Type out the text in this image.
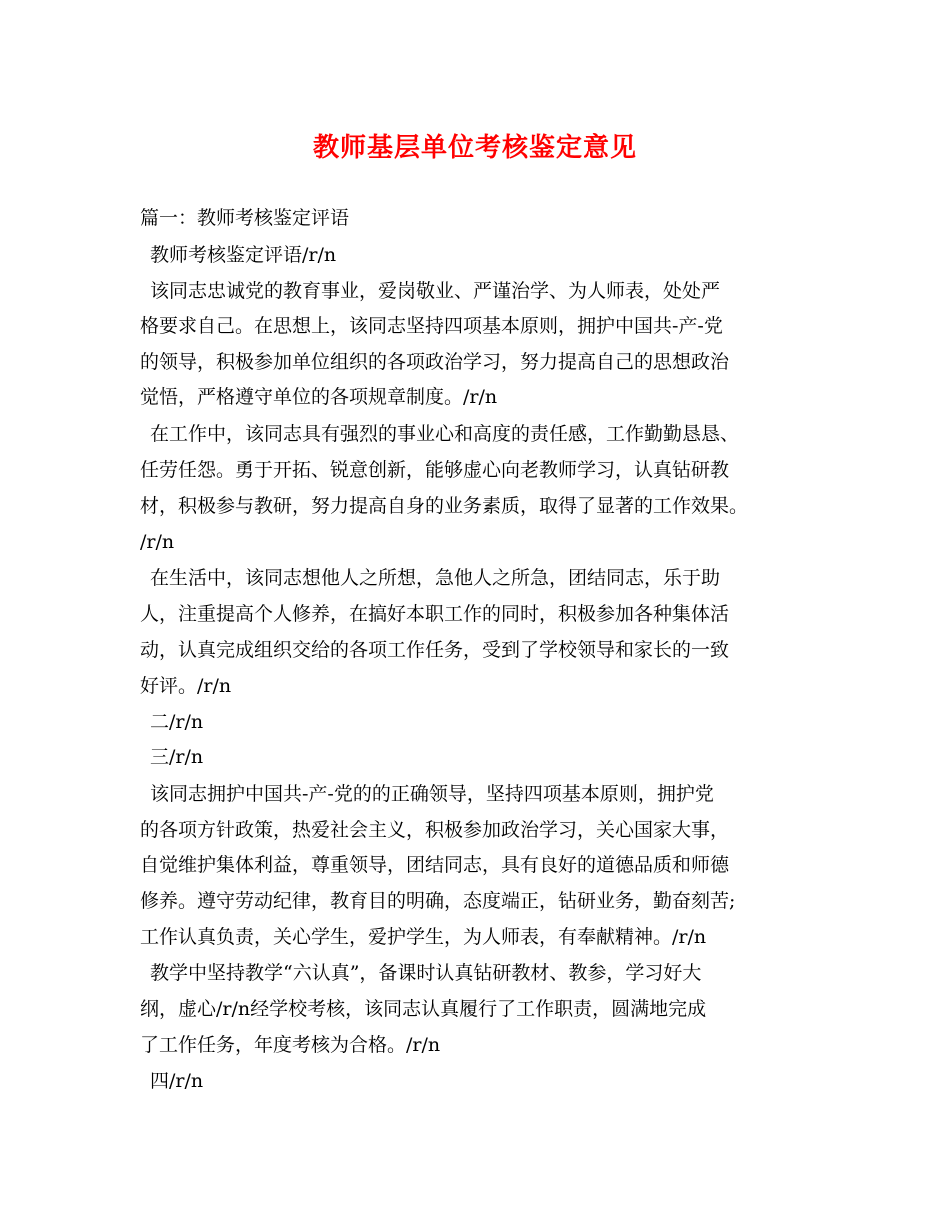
教师基层单位考核鉴定意见
篇一：教师考核鉴定评语
教师考核鉴定评语/r/n
该同志忠诚党的教育事业，爱岗敬业、严谨治学、为人师表，处处严
格要求自己。在思想上，该同志坚持四项基本原则，拥护中国共-产-党
的领导，积极参加单位组织的各项政治学习，努力提高自己的思想政治
觉悟，严格遵守单位的各项规章制度。/r/n
在工作中，该同志具有强烈的事业心和高度的责任感，工作勤勤恳恳、
任劳任怨。勇于开拓、锐意创新，能够虚心向老教师学习，认真钻研教
材，积极参与教研，努力提高自身的业务素质，取得了显著的工作效果。
/r/n
在生活中，该同志想他人之所想，急他人之所急，团结同志，乐于助
人，注重提高个人修养，在搞好本职工作的同时，积极参加各种集体活
动，认真完成组织交给的各项工作任务，受到了学校领导和家长的一致
好评。/r/n
二/r/n
三/r/n
该同志拥护中国共-产-党的的正确领导，坚持四项基本原则，拥护党
的各项方针政策，热爱社会主义，积极参加政治学习，关心国家大事，
自觉维护集体利益，尊重领导，团结同志，具有良好的道德品质和师德
修养。遵守劳动纪律，教育目的明确，态度端正，钻研业务，勤奋刻苦;
工作认真负责，关心学生，爱护学生，为人师表，有奉献精神。/r/n
教学中坚持教学“六认真”，备课时认真钻研教材、教参，学习好大
纲，虚心/r/n经学校考核，该同志认真履行了工作职责，圆满地完成
了工作任务，年度考核为合格。/r/n
四/r/n
